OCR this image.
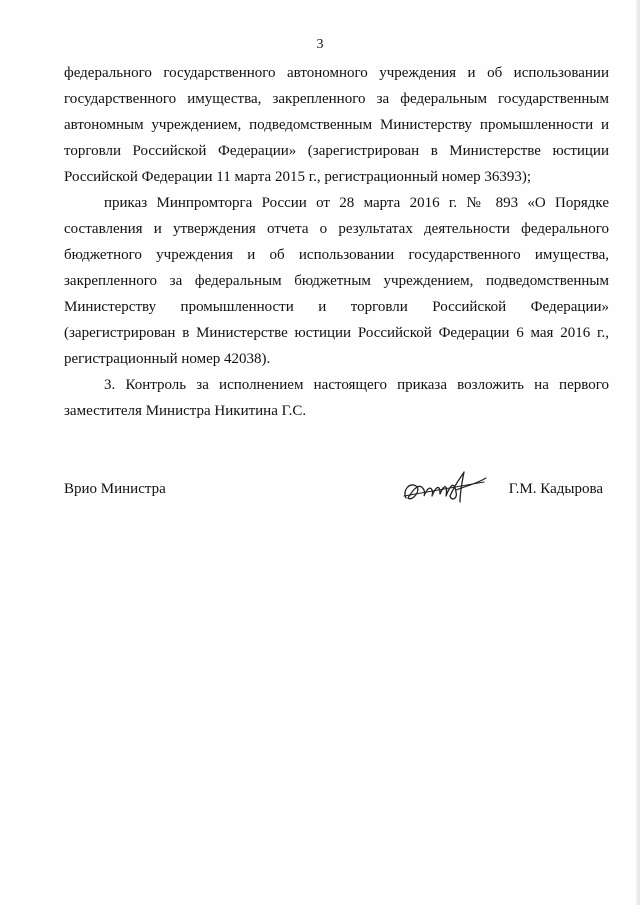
3

федерального государственного автономного учреждения и об использовании государственного имущества, закрепленного за федеральным государственным автономным учреждением, подведомственным Министерству промышленности и торговли Российской Федерации» (зарегистрирован в Министерстве юстиции Российской Федерации 11 марта 2015 г., регистрационный номер 36393);

приказ Минпромторга России от 28 марта 2016 г. № 893 «О Порядке составления и утверждения отчета о результатах деятельности федерального бюджетного учреждения и об использовании государственного имущества, закрепленного за федеральным бюджетным учреждением, подведомственным Министерству промышленности и торговли Российской Федерации» (зарегистрирован в Министерстве юстиции Российской Федерации 6 мая 2016 г., регистрационный номер 42038).

3. Контроль за исполнением настоящего приказа возложить на первого заместителя Министра Никитина Г.С.

Врио Министра	Г.М. Кадырова
